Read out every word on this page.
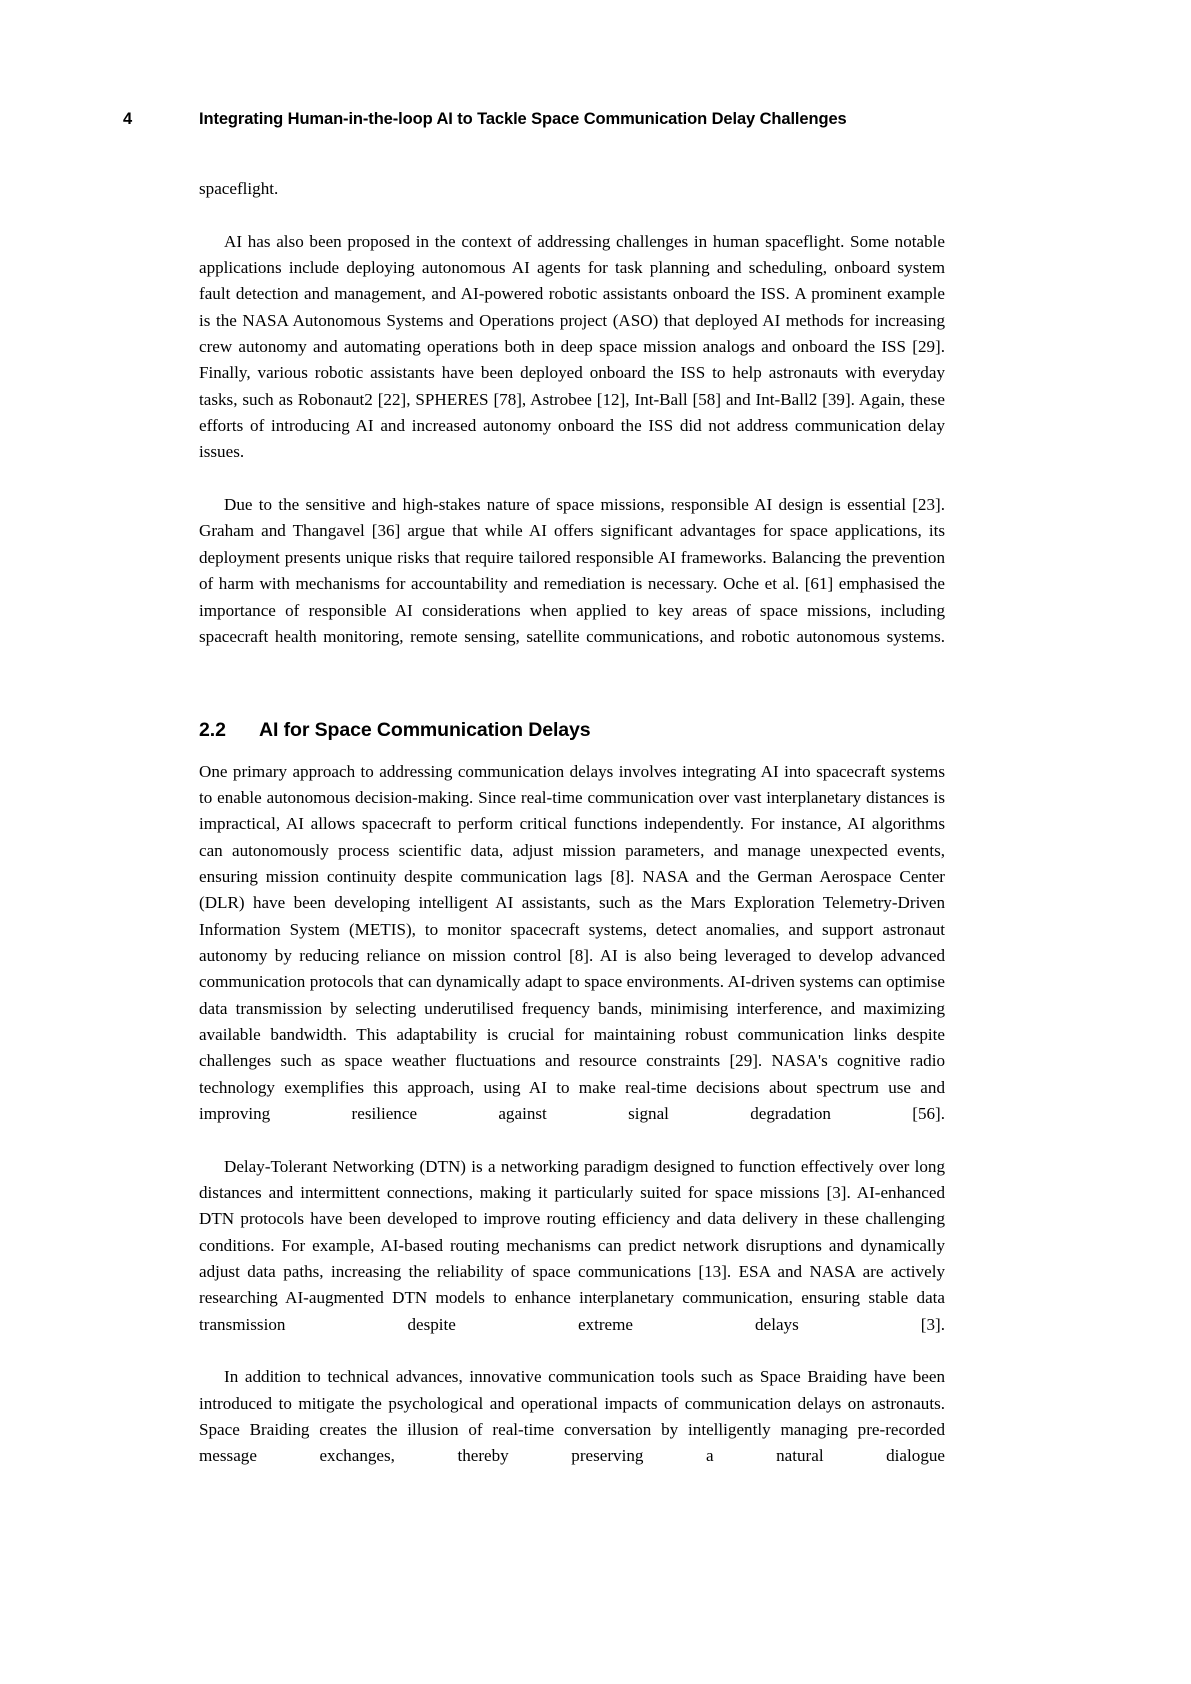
4	Integrating Human-in-the-loop AI to Tackle Space Communication Delay Challenges

spaceflight.

AI has also been proposed in the context of addressing challenges in human spaceflight. Some notable applications include deploying autonomous AI agents for task planning and scheduling, onboard system fault detection and management, and AI-powered robotic assistants onboard the ISS. A prominent example is the NASA Autonomous Systems and Operations project (ASO) that deployed AI methods for increasing crew autonomy and automating operations both in deep space mission analogs and onboard the ISS [29]. Finally, various robotic assistants have been deployed onboard the ISS to help astronauts with everyday tasks, such as Robonaut2 [22], SPHERES [78], Astrobee [12], Int-Ball [58] and Int-Ball2 [39]. Again, these efforts of introducing AI and increased autonomy onboard the ISS did not address communication delay issues.

Due to the sensitive and high-stakes nature of space missions, responsible AI design is essential [23]. Graham and Thangavel [36] argue that while AI offers significant advantages for space applications, its deployment presents unique risks that require tailored responsible AI frameworks. Balancing the prevention of harm with mechanisms for accountability and remediation is necessary. Oche et al. [61] emphasised the importance of responsible AI considerations when applied to key areas of space missions, including spacecraft health monitoring, remote sensing, satellite communications, and robotic autonomous systems.

2.2	AI for Space Communication Delays

One primary approach to addressing communication delays involves integrating AI into spacecraft systems to enable autonomous decision-making. Since real-time communication over vast interplanetary distances is impractical, AI allows spacecraft to perform critical functions independently. For instance, AI algorithms can autonomously process scientific data, adjust mission parameters, and manage unexpected events, ensuring mission continuity despite communication lags [8]. NASA and the German Aerospace Center (DLR) have been developing intelligent AI assistants, such as the Mars Exploration Telemetry-Driven Information System (METIS), to monitor spacecraft systems, detect anomalies, and support astronaut autonomy by reducing reliance on mission control [8]. AI is also being leveraged to develop advanced communication protocols that can dynamically adapt to space environments. AI-driven systems can optimise data transmission by selecting underutilised frequency bands, minimising interference, and maximizing available bandwidth. This adaptability is crucial for maintaining robust communication links despite challenges such as space weather fluctuations and resource constraints [29]. NASA's cognitive radio technology exemplifies this approach, using AI to make real-time decisions about spectrum use and improving resilience against signal degradation [56].

Delay-Tolerant Networking (DTN) is a networking paradigm designed to function effectively over long distances and intermittent connections, making it particularly suited for space missions [3]. AI-enhanced DTN protocols have been developed to improve routing efficiency and data delivery in these challenging conditions. For example, AI-based routing mechanisms can predict network disruptions and dynamically adjust data paths, increasing the reliability of space communications [13]. ESA and NASA are actively researching AI-augmented DTN models to enhance interplanetary communication, ensuring stable data transmission despite extreme delays [3].

In addition to technical advances, innovative communication tools such as Space Braiding have been introduced to mitigate the psychological and operational impacts of communication delays on astronauts. Space Braiding creates the illusion of real-time conversation by intelligently managing pre-recorded message exchanges, thereby preserving a natural dialogue
